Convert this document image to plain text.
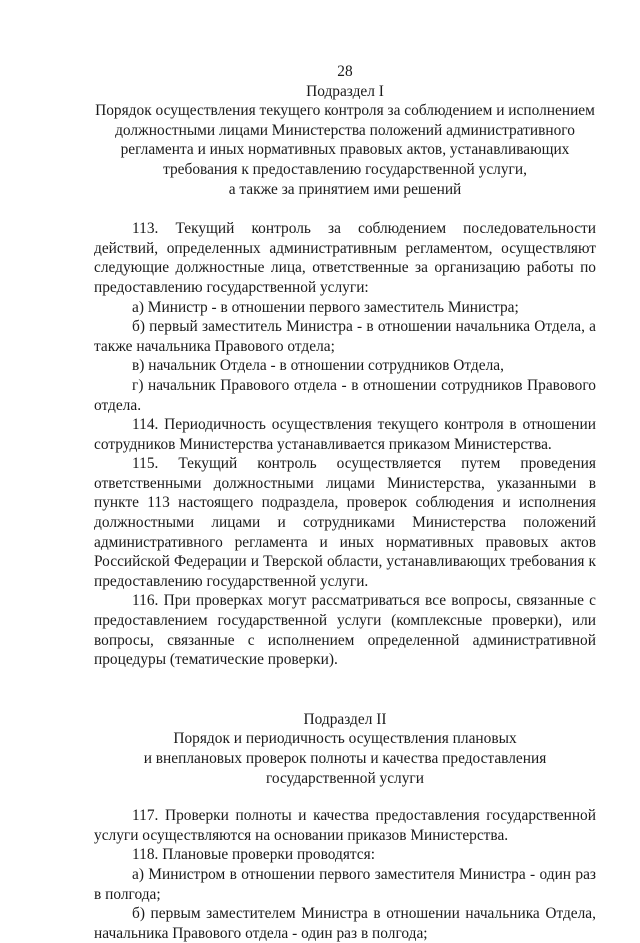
28

Подраздел I

Порядок осуществления текущего контроля за соблюдением и исполнением

должностными лицами Министерства положений административного

регламента и иных нормативных правовых актов, устанавливающих

требования к предоставлению государственной услуги,

а также за принятием ими решений

113. Текущий контроль за соблюдением последовательности действий, определенных административным регламентом, осуществляют следующие должностные лица, ответственные за организацию работы по предоставлению государственной услуги:

а) Министр - в отношении первого заместитель Министра;

б) первый заместитель Министра - в отношении начальника Отдела, а также начальника Правового отдела;

в) начальник Отдела - в отношении сотрудников Отдела,

г) начальник Правового отдела - в отношении сотрудников Правового отдела.

114. Периодичность осуществления текущего контроля в отношении сотрудников Министерства устанавливается приказом Министерства.

115. Текущий контроль осуществляется путем проведения ответственными должностными лицами Министерства, указанными в пункте 113 настоящего подраздела, проверок соблюдения и исполнения должностными лицами и сотрудниками Министерства положений административного регламента и иных нормативных правовых актов Российской Федерации и Тверской области, устанавливающих требования к предоставлению государственной услуги.

116. При проверках могут рассматриваться все вопросы, связанные с предоставлением государственной услуги (комплексные проверки), или вопросы, связанные с исполнением определенной административной процедуры (тематические проверки).

Подраздел II

Порядок и периодичность осуществления плановых

и внеплановых проверок полноты и качества предоставления

государственной услуги

117. Проверки полноты и качества предоставления государственной услуги осуществляются на основании приказов Министерства.

118. Плановые проверки проводятся:

а) Министром в отношении первого заместителя Министра - один раз в полгода;

б) первым заместителем Министра в отношении начальника Отдела, начальника Правового отдела - один раз в полгода;
